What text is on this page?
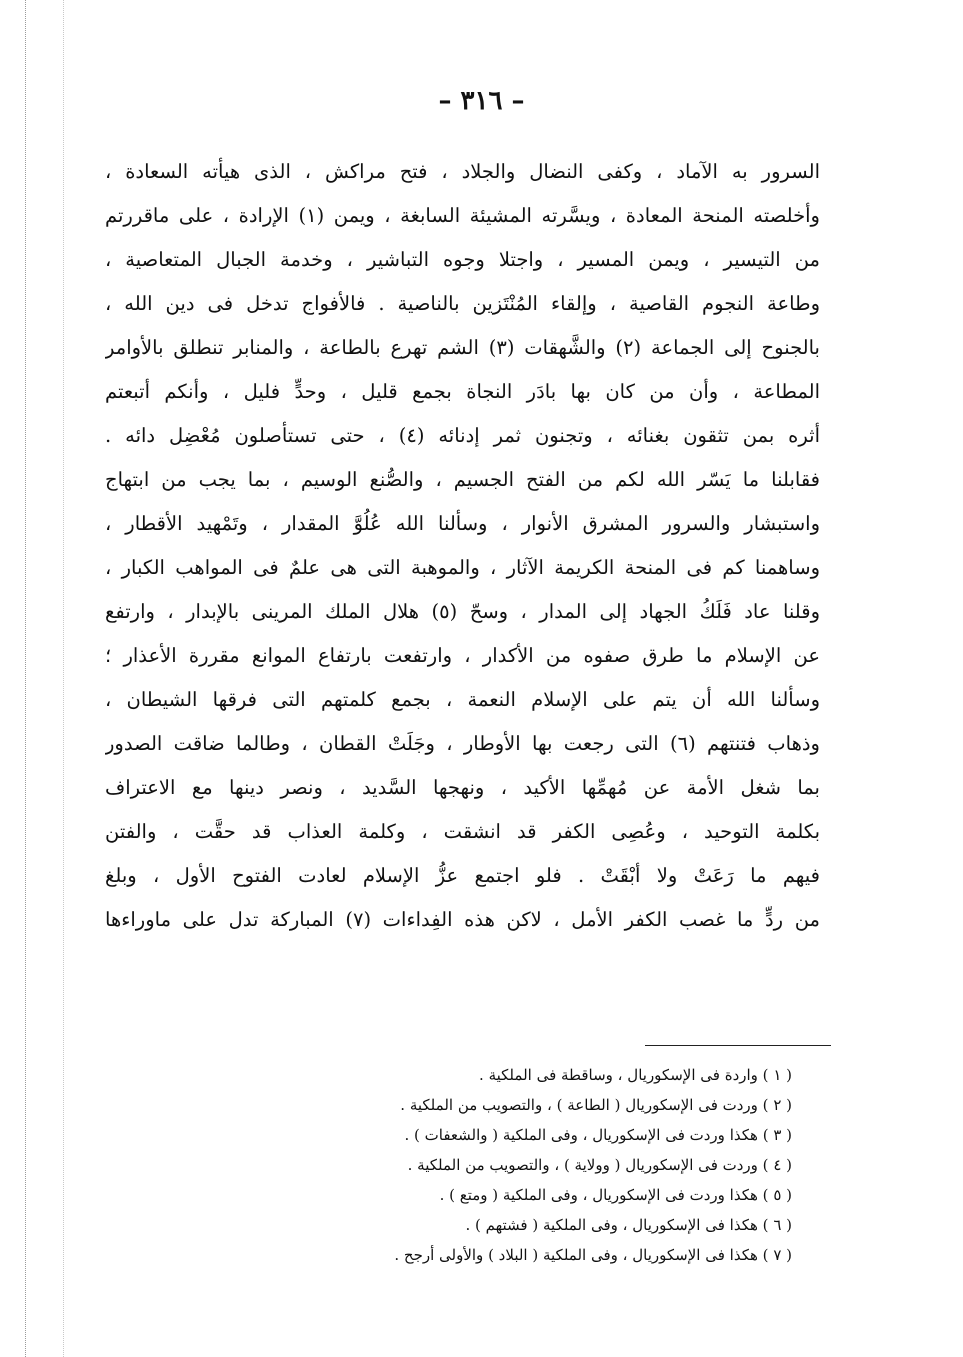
– ٣١٦ –
السرور به الآماد ، وكفى النضال والجلاد ، فتح مراكش ، الذى هيأته السعادة ،
وأخلصته المنحة المعادة ، ويسَّرته المشيئة السابغة ، ويمن (١) الإرادة ، على ماقررتم
من التيسير ، ويمن المسير ، واجتلا وجوه التباشير ، وخدمة الجبال المتعاصية ،
وطاعة النجوم القاصية ، وإلقاء المُنْتَزين بالناصية . فالأفواج تدخل فى دين الله ،
بالجنوح إلى الجماعة (٢) والشَّهقات (٣) الشم تهرع بالطاعة ، والمنابر تنطلق بالأوامر
المطاعة ، وأن من كان بها بادَر النجاة بجمع قليل ، وحدٍّ فليل ، وأنكم أتبعتم
أثره بمن تثقون بغنائه ، وتجنون ثمر إدنائه (٤) ، حتى تستأصلون مُعْضِل دائه .
فقابلنا ما يَسّر الله لكم من الفتح الجسيم ، والصُّنع الوسيم ، بما يجب من ابتهاج
واستبشار والسرور المشرق الأنوار ، وسألنا الله عُلُوَّ المقدار ، وتَمْهيد الأقطار ،
وساهمنا كم فى المنحة الكريمة الآثار ، والموهبة التى هى علمٌ فى المواهب الكبار ،
وقلنا عاد فَلَكُ الجهاد إلى المدار ، وسحّ (٥) هلال الملك المرينى بالإبدار ، وارتفع
عن الإسلام ما طرق صفوه من الأكدار ، وارتفعت بارتفاع الموانع مقررة الأعذار ؛
وسألنا الله أن يتم على الإسلام النعمة ، بجمع كلمتهم التى فرقها الشيطان ،
وذهاب فتنتهم (٦) التى رجعت بها الأوطار ، وجَلَتْ القطان ، وطالما ضاقت الصدور
بما شغل الأمة عن مُهمِّها الأكيد ، ونهجها السَّديد ، ونصر دينها مع الاعتراف
بكلمة التوحيد ، وعُصِى الكفر قد انشقت ، وكلمة العذاب قد حقَّت ، والفتن
فيهم ما رَعَتْ ولا أبْقَتْ . فلو اجتمع عزُّ الإسلام لعادت الفتوح الأول ، وبلغ
من ردٍّ ما غصب الكفر الأمل ، لاكن هذه الفِداءات (٧) المباركة تدل على ماوراءها
( ١ ) واردة فى الإسكوريال ، وساقطة فى الملكية .
( ٢ ) وردت فى الإسكوريال ( الطاعة ) ، والتصويب من الملكية .
( ٣ ) هكذا وردت فى الإسكوريال ، وفى الملكية ( والشعفات ) .
( ٤ ) وردت فى الإسكوريال ( وولاية ) ، والتصويب من الملكية .
( ٥ ) هكذا وردت فى الإسكوريال ، وفى الملكية ( ومتع ) .
( ٦ ) هكذا فى الإسكوريال ، وفى الملكية ( فشتهم ) .
( ٧ ) هكذا فى الإسكوريال ، وفى الملكية ( البلاد ) والأولى أرجح .
